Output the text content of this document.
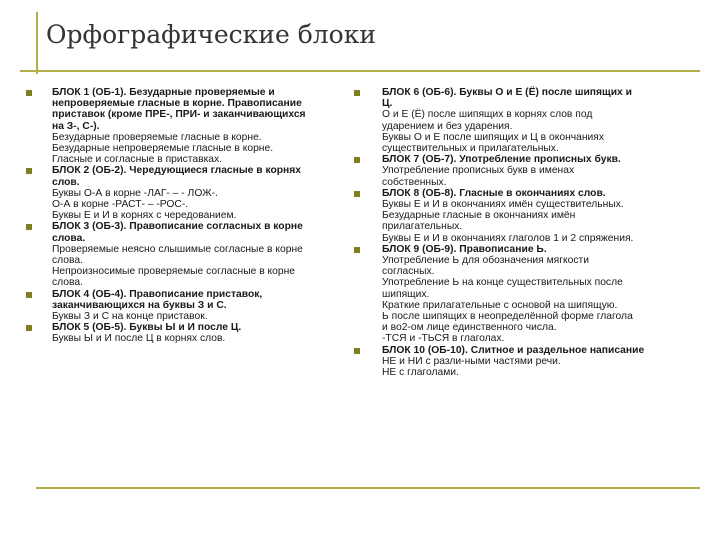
Орфографические блоки
БЛОК 1 (ОБ-1). Безударные проверяемые и
непроверяемые гласные в корне. Правописание
приставок (кроме ПРЕ-, ПРИ- и заканчивающихся
на З-, С-).
Безударные проверяемые гласные в корне.
Безударные непроверяемые гласные в корне.
Гласные и согласные в приставках.
БЛОК 2 (ОБ-2). Чередующиеся гласные в корнях
слов.
Буквы О-А в корне -ЛАГ- – - ЛОЖ-.
О-А в корне -РАСТ- – -РОС-.
Буквы Е и И в корнях с чередованием.
БЛОК 3 (ОБ-3). Правописание согласных в корне
слова.
Проверяемые неясно слышимые согласные в корне
слова.
Непроизносимые проверяемые согласные в корне
слова.
БЛОК 4 (ОБ-4). Правописание приставок,
заканчивающихся на буквы З и С.
Буквы З и С на конце приставок.
БЛОК 5 (ОБ-5). Буквы Ы и И после Ц.
Буквы Ы и И после Ц в корнях слов.
БЛОК 6 (ОБ-6). Буквы О и Е (Ё) после шипящих и
Ц.
О и Е (Ё) после шипящих в корнях слов под
ударением и без ударения.
Буквы О и Е после шипящих и Ц в окончаниях
существительных и прилагательных.
БЛОК 7 (ОБ-7). Употребление прописных букв.
Употребление прописных букв в именах
собственных.
БЛОК 8 (ОБ-8). Гласные в окончаниях слов.
Буквы Е и И в окончаниях имён существительных.
Безударные гласные в окончаниях имён
прилагательных.
Буквы Е и И в окончаниях глаголов 1 и 2 спряжения.
БЛОК 9 (ОБ-9). Правописание Ь.
Употребление Ь для обозначения мягкости
согласных.
Употребление Ь на конце существительных после
шипящих.
Краткие прилагательные с основой на шипящую.
Ь после шипящих в неопределённой форме глагола
и во2-ом лице единственного числа.
-ТСЯ и -ТЬСЯ в глаголах.
БЛОК 10 (ОБ-10). Слитное и раздельное написание
НЕ и НИ с разли-ными частями речи.
НЕ с глаголами.
